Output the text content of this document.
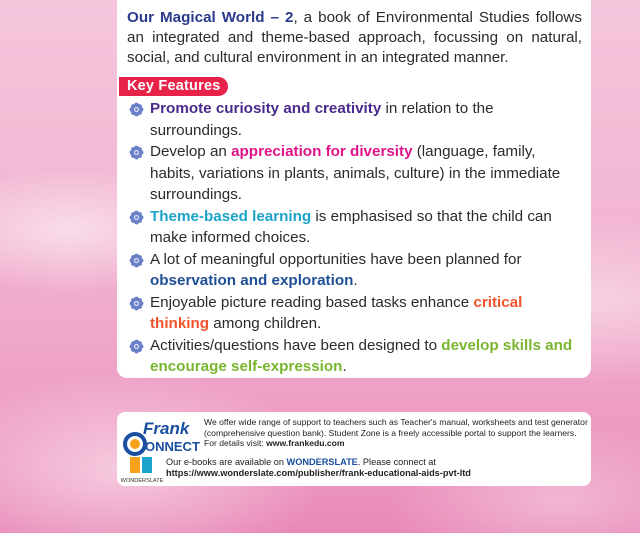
Our Magical World – 2, a book of Environmental Studies follows an integrated and theme-based approach, focussing on natural, social, and cultural environment in an integrated manner.

Key Features
Promote curiosity and creativity in relation to the surroundings.
Develop an appreciation for diversity (language, family, habits, variations in plants, animals, culture) in the immediate surroundings.
Theme-based learning is emphasised so that the child can make informed choices.
A lot of meaningful opportunities have been planned for observation and exploration.
Enjoyable picture reading based tasks enhance critical thinking among children.
Activities/questions have been designed to develop skills and encourage self-expression.
Frank
ONNECT

We offer wide range of support to teachers such as Teacher's manual, worksheets and test generator (comprehensive question bank). Student Zone is a freely accessible portal to support the learners. For details visit: www.frankedu.com

WONDERSLATE

Our e-books are available on WONDERSLATE. Please connect at
https://www.wonderslate.com/publisher/frank-educational-aids-pvt-ltd
